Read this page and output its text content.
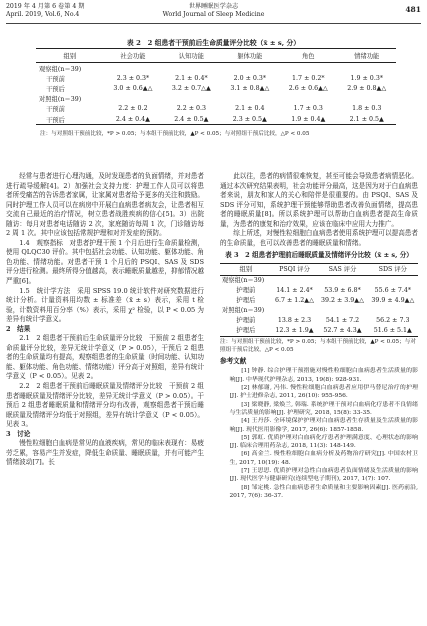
2019 年 4 月第 6 卷第 4 期
April. 2019, Vol.6, No.4
世界睡眠医学杂志
World Journal of Sleep Medicine
481
表 2　2 组患者干预前后生命质量评分比较（x̄ ± s, 分）
组别	社会功能	认知功能	躯体功能	角色	情绪功能
观察组(n＝39)					
干预前	2.3 ± 0.3*	2.1 ± 0.4*	2.0 ± 0.3*	1.7 ± 0.2*	1.9 ± 0.3*
干预后	3.0 ± 0.6▲△	3.2 ± 0.7△▲	3.1 ± 0.8▲△	2.6 ± 0.6▲△	2.9 ± 0.8▲△
对照组(n＝39)					
干预前	2.2 ± 0.2	2.2 ± 0.3	2.1 ± 0.4	1.7 ± 0.3	1.8 ± 0.3
干预后	2.4 ± 0.4▲	2.4 ± 0.5▲	2.3 ± 0.5▲	1.9 ± 0.4▲	2.1 ± 0.5▲
注：与对照组干预前比较，*P > 0.05；与本组干预前比较，▲P < 0.05；与对照组干预后比较，△P < 0.05

经常与患者进行心理沟通，及时发现患者的负面情绪，并对患者进行疏导缓解[4]。2）加强社会支持力度：护理工作人员可以将患者所受痛苦的告诉患者家属，让家属对患者给予更多的关注和鼓励。同时护理工作人员可以在病房中开展白血病患者病友会，让患者相互交流自己最近的治疗情况，树立患者战胜疾病的信心[5]。3）出院随访：每月对患者电话随访 2 次，家庭随访每周 1 次，门诊随访每 2 周 1 次。其中应该包括常规护理和对并发症的预防。

1.4　观察指标　对患者护理干预 1 个月后进行生命质量检测，使用 QLQC30 评价。其中包括社会功能、认知功能、躯体功能、角色功能、情绪功能。对患者干预 1 个月后的 PSQI、SAS 及 SDS 评分进行检测。最终所得分值越高，表示睡眠质量越差，抑郁情况越严重[6]。

1.5　统计学方法　采用 SPSS 19.0 统计软件对研究数据进行统计分析。计量资料用均数 ± 标准差（x̄ ± s）表示，采用 t 检验，计数资料用百分率（%）表示，采用 χ² 检验，以 P < 0.05 为差异有统计学意义。

2　结果

2.1　2 组患者干预前后生命质量评分比较　干预前 2 组患者生命质量评分比较，差异无统计学意义（P > 0.05），干预后 2 组患者的生命质量均有提高，观察组患者的生命质量（时间功能、认知功能、躯体功能、角色功能、情绪功能）评分高于对照组，差异有统计学意义（P < 0.05）。见表 2。

2.2　2 组患者干预前后睡眠质量及情绪评分比较　干预前 2 组患者睡眠质量及情绪评分比较，差异无统计学意义（P > 0.05）。干预后 2 组患者睡眠质量和情绪评分均有改善，观察组患者干预后睡眠质量及情绪评分均低于对照组，差异有统计学意义（P < 0.05）。见表 3。

3　讨论

慢性粒细胞白血病是常见的血液疾病，常见的临床表现有：易疲劳乏累，容易产生并发症，降低生命质量、睡眠质量，并有可能产生情绪波动[7]。长

此以往，患者的病情很难恢复，甚至可能会导致患者病情恶化。通过本次研究结果表明，社会功能评分最高，这是因为对于白血病患者来说，朋友和家人的关心和陪伴是很重要的。由 PSQI、SAS 及 SDS 评分可知，系统护理干预能够帮助患者改善负面情绪，提高患者的睡眠质量[8]。所以系统护理可以帮助白血病患者提高生命质量，为患者的康复和治疗效果，应该在临床中应用大力推广。

综上所述，对慢性粒细胞白血病患者使用系统护理可以提高患者的生命质量，也可以改善患者的睡眠质量和情绪。

表 3　2 组患者护理前后睡眠质量及情绪评分比较（x̄ ± s, 分）
组别	PSQI 评分	SAS 评分	SDS 评分
观察组(n＝39)			
护理前	14.1 ± 2.4*	53.9 ± 6.8*	55.6 ± 7.4*
护理后	6.7 ± 1.2▲△	39.2 ± 3.9▲△	39.9 ± 4.9▲△
对照组(n＝39)			
护理前	13.8 ± 2.3	54.1 ± 7.2	56.2 ± 7.3
护理后	12.3 ± 1.9▲	52.7 ± 4.3▲	51.6 ± 5.1▲
注：与对照组干预前比较，*P > 0.05；与本组干预前比较，▲P < 0.05；与对照组干预后比较，△P < 0.05
参考文献

[1] 钟静. 综合护理干预措施对慢性粒细胞白血病患者生活质量的影响[J]. 中华现代护理杂志, 2013, 19(8): 928-931.

[2] 林郁谢, 冯伟. 慢性粒细胞白血病患者应用伊马替尼治疗的护理[J]. 护士进修杂志, 2011, 26(10): 955-956.

[3] 梁晓静, 梁焕兰, 韩瑞. 系统护理干预对白血病化疗患者不良情绪与生活质量的影响[J]. 护理研究, 2018, 15(8): 33-35.

[4] 王丹莎. 全环境保护护理对白血病患者生存质量及生活质量的影响[J]. 现代医用影像学, 2017, 26(6): 1857-1858.

[5] 郭虹. 优质护理对白血病化疗患者护理满意度、心理状态的影响[J]. 临床合理用药杂志, 2018, 11(3): 148-149.

[6] 高金兰. 慢性粒细胞白血病分析及药物治疗研究[J]. 中国农村卫生, 2017, 10(19): 48.

[7] 王思思. 优质护理对急性白血病患者负面情绪及生活质量的影响[J]. 现代医学与健康研究(连续型电子期刊), 2017, 1(7): 107.

[8] 邹定桃. 急性白血病患者生命质量和主要影响因素[J]. 医药前沿, 2017, 7(6): 36-37.
